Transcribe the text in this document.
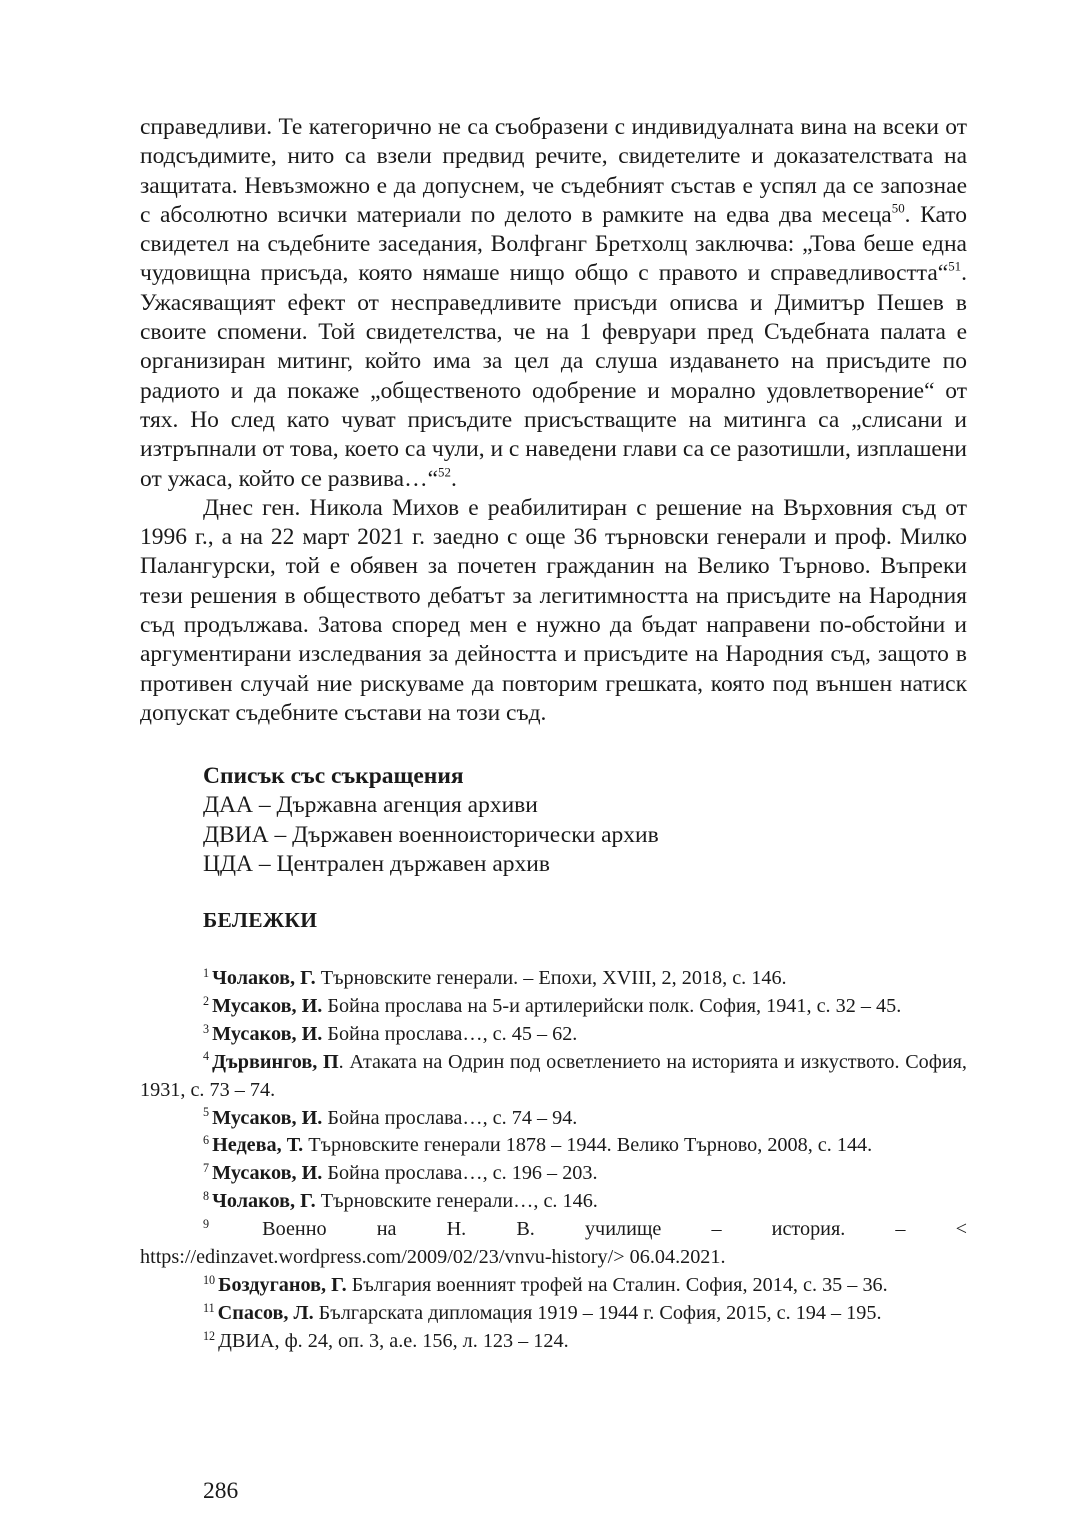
справедливи. Те категорично не са съобразени с индивидуалната вина на всеки от подсъдимите, нито са взели предвид речите, свидетелите и доказателствата на защитата. Невъзможно е да допуснем, че съдебният състав е успял да се запознае с абсолютно всички материали по делото в рамките на едва два месеца$^{50}$. Като свидетел на съдебните заседания, Волфганг Бретхолц заключва: „Това беше една чудовищна присъда, която нямаше нищо общо с правото и справедливостта“$^{51}$. Ужасяващият ефект от несправедливите присъди описва и Димитър Пешев в своите спомени. Той свидетелства, че на 1 февруари пред Съдебната палата е организиран митинг, който има за цел да слуша издаването на присъдите по радиото и да покаже „общественото одобрение и морално удовлетворение“ от тях. Но след като чуват присъдите присъстващите на митинга са „слисани и изтръпнали от това, което са чули, и с наведени глави са се разотишли, изплашени от ужаса, който се развива…“$^{52}$.

Днес ген. Никола Михов е реабилитиран с решение на Върховния съд от 1996 г., а на 22 март 2021 г. заедно с още 36 търновски генерали и проф. Милко Палангурски, той е обявен за почетен гражданин на Велико Търново. Въпреки тези решения в обществото дебатът за легитимността на присъдите на Народния съд продължава. Затова според мен е нужно да бъдат направени по-обстойни и аргументирани изследвания за дейността и присъдите на Народния съд, защото в противен случай ние рискуваме да повторим грешката, която под външен натиск допускат съдебните състави на този съд.

Списък със съкращения
ДАА – Държавна агенция архиви
ДВИА – Държавен военноисторически архив
ЦДА – Централен държавен архив
БЕЛЕЖКИ

$^1$ Чолаков, Г. Търновските генерали. – Епохи, XVIII, 2, 2018, с. 146.

$^2$ Мусаков, И. Бойна прослава на 5-и артилерийски полк. София, 1941, с. 32 – 45.

$^3$ Мусаков, И. Бойна прослава…, с. 45 – 62.

$^4$ Дървингов, П. Атаката на Одрин под осветлението на историята и изкуството. София, 1931, с. 73 – 74.

$^5$ Мусаков, И. Бойна прослава…, с. 74 – 94.

$^6$ Недева, Т. Търновските генерали 1878 – 1944. Велико Търново, 2008, с. 144.

$^7$ Мусаков, И. Бойна прослава…, с. 196 – 203.

$^8$ Чолаков, Г. Търновските генерали…, с. 146.

$^9$ Военно на Н. В. училище – история. – < https://edinzavet.wordpress.com/2009/02/23/vnvu-history/> 06.04.2021.

$^{10}$ Боздуганов, Г. България военният трофей на Сталин. София, 2014, с. 35 – 36.

$^{11}$ Спасов, Л. Българската дипломация 1919 – 1944 г. София, 2015, с. 194 – 195.

$^{12}$ ДВИА, ф. 24, оп. 3, а.е. 156, л. 123 – 124.

286
